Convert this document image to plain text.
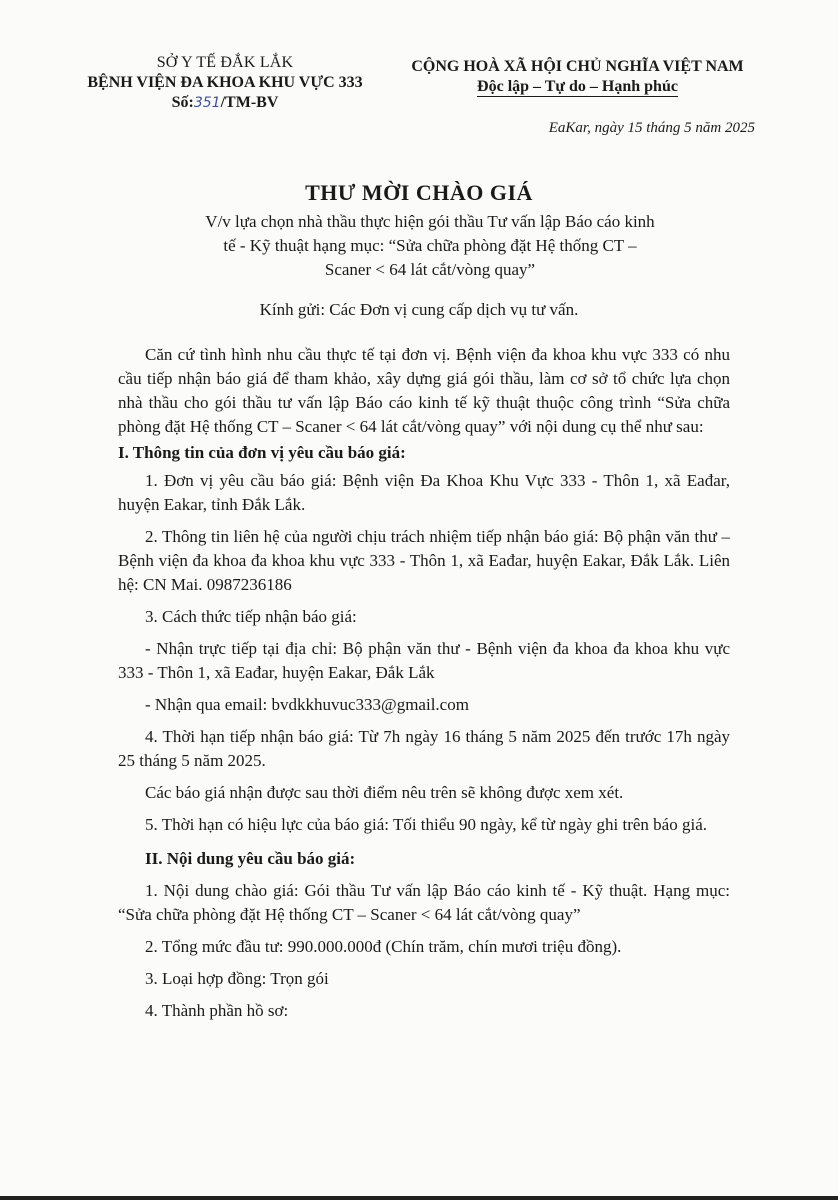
SỞ Y TẾ ĐẮK LẮK
BỆNH VIỆN ĐA KHOA KHU VỰC 333
Số:351/TM-BV
CỘNG HOÀ XÃ HỘI CHỦ NGHĨA VIỆT NAM
Độc lập – Tự do – Hạnh phúc
EaKar, ngày 15 tháng 5 năm 2025
THƯ MỜI CHÀO GIÁ
V/v lựa chọn nhà thầu thực hiện gói thầu Tư vấn lập Báo cáo kinh tế - Kỹ thuật hạng mục: “Sửa chữa phòng đặt Hệ thống CT – Scaner < 64 lát cắt/vòng quay”
Kính gửi: Các Đơn vị cung cấp dịch vụ tư vấn.

Căn cứ tình hình nhu cầu thực tế tại đơn vị. Bệnh viện đa khoa khu vực 333 có nhu cầu tiếp nhận báo giá để tham khảo, xây dựng giá gói thầu, làm cơ sở tổ chức lựa chọn nhà thầu cho gói thầu tư vấn lập Báo cáo kinh tế kỹ thuật thuộc công trình “Sửa chữa phòng đặt Hệ thống CT – Scaner < 64 lát cắt/vòng quay” với nội dung cụ thể như sau:

I. Thông tin của đơn vị yêu cầu báo giá:

1. Đơn vị yêu cầu báo giá: Bệnh viện Đa Khoa Khu Vực 333 - Thôn 1, xã Eađar, huyện Eakar, tỉnh Đắk Lắk.

2. Thông tin liên hệ của người chịu trách nhiệm tiếp nhận báo giá: Bộ phận văn thư – Bệnh viện đa khoa đa khoa khu vực 333 - Thôn 1, xã Eađar, huyện Eakar, Đắk Lắk. Liên hệ: CN Mai. 0987236186

3. Cách thức tiếp nhận báo giá:

- Nhận trực tiếp tại địa chỉ: Bộ phận văn thư - Bệnh viện đa khoa đa khoa khu vực 333 - Thôn 1, xã Eađar, huyện Eakar, Đắk Lắk

- Nhận qua email: bvdkkhuvuc333@gmail.com

4. Thời hạn tiếp nhận báo giá: Từ 7h ngày 16 tháng 5 năm 2025 đến trước 17h ngày 25 tháng 5 năm 2025.

Các báo giá nhận được sau thời điểm nêu trên sẽ không được xem xét.

5. Thời hạn có hiệu lực của báo giá: Tối thiểu 90 ngày, kể từ ngày ghi trên báo giá.

II. Nội dung yêu cầu báo giá:

1. Nội dung chào giá: Gói thầu Tư vấn lập Báo cáo kinh tế - Kỹ thuật. Hạng mục: “Sửa chữa phòng đặt Hệ thống CT – Scaner < 64 lát cắt/vòng quay”

2. Tổng mức đầu tư: 990.000.000đ (Chín trăm, chín mươi triệu đồng).

3. Loại hợp đồng: Trọn gói

4. Thành phần hồ sơ:
